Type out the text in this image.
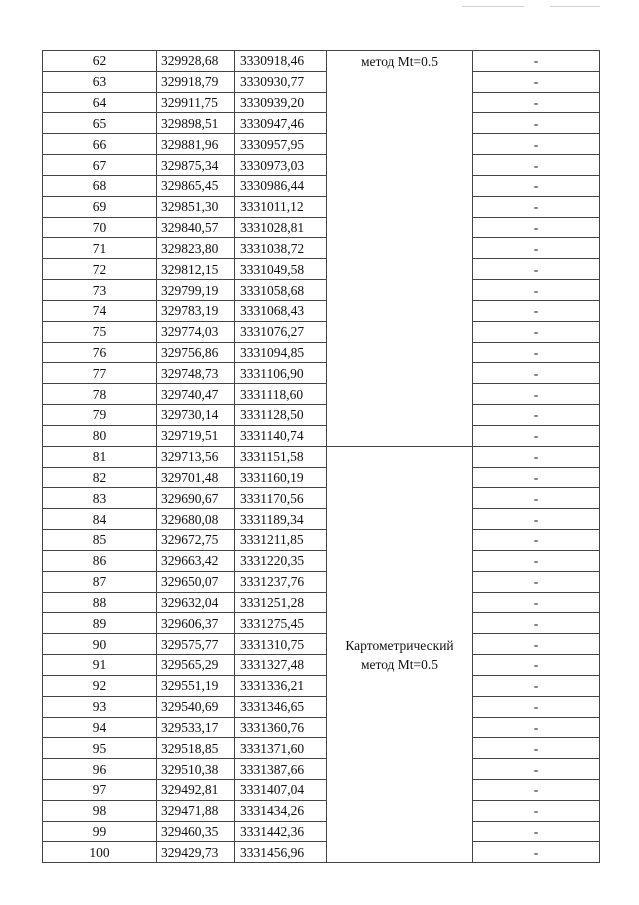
62	329928,68	3330918,46	метод Mt=0.5	-
63	329918,79	3330930,77		-
64	329911,75	3330939,20		-
65	329898,51	3330947,46		-
66	329881,96	3330957,95		-
67	329875,34	3330973,03		-
68	329865,45	3330986,44		-
69	329851,30	3331011,12		-
70	329840,57	3331028,81		-
71	329823,80	3331038,72		-
72	329812,15	3331049,58		-
73	329799,19	3331058,68		-
74	329783,19	3331068,43		-
75	329774,03	3331076,27		-
76	329756,86	3331094,85		-
77	329748,73	3331106,90		-
78	329740,47	3331118,60		-
79	329730,14	3331128,50		-
80	329719,51	3331140,74		-
81	329713,56	3331151,58	Картометрический метод Mt=0.5	-
82	329701,48	3331160,19		-
83	329690,67	3331170,56		-
84	329680,08	3331189,34		-
85	329672,75	3331211,85		-
86	329663,42	3331220,35		-
87	329650,07	3331237,76		-
88	329632,04	3331251,28		-
89	329606,37	3331275,45		-
90	329575,77	3331310,75		-
91	329565,29	3331327,48		-
92	329551,19	3331336,21		-
93	329540,69	3331346,65		-
94	329533,17	3331360,76		-
95	329518,85	3331371,60		-
96	329510,38	3331387,66		-
97	329492,81	3331407,04		-
98	329471,88	3331434,26		-
99	329460,35	3331442,36		-
100	329429,73	3331456,96		-
